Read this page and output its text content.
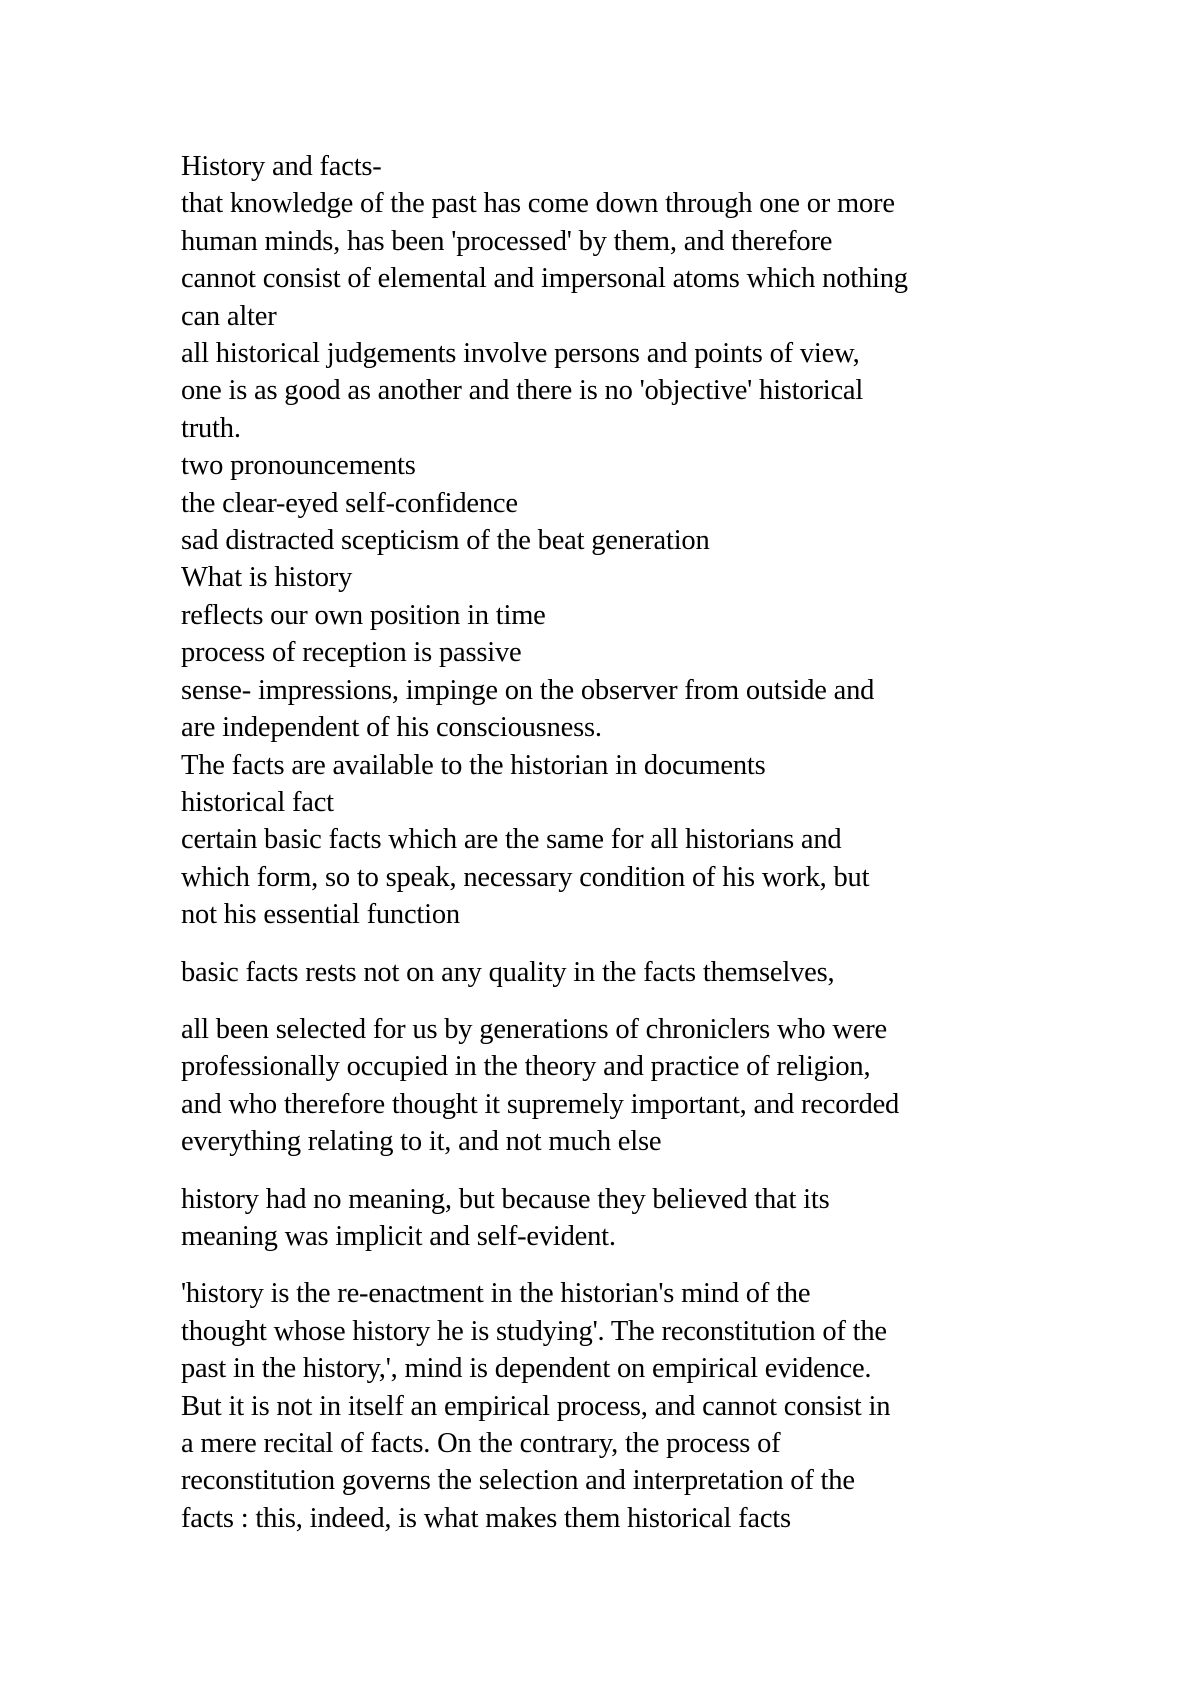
History and facts-
that knowledge of the past has come down through one or more
human minds, has been 'processed' by them, and therefore
cannot consist of elemental and impersonal atoms which nothing
can alter
all historical judgements involve persons and points of view,
one is as good as another and there is no 'objective' historical
truth.
two pronouncements
the clear-eyed self-confidence
sad distracted scepticism of the beat generation
What is history
reflects our own position in time
process of reception is passive
sense- impressions, impinge on the observer from outside and
are independent of his consciousness.
The facts are available to the historian in documents
historical fact
certain basic facts which are the same for all historians and
which form, so to speak, necessary condition of his work, but
not his essential function
basic facts rests not on any quality in the facts themselves,
all been selected for us by generations of chroniclers who were
professionally occupied in the theory and practice of religion,
and who therefore thought it supremely important, and recorded
everything relating to it, and not much else
history had no meaning, but because they believed that its
meaning was implicit and self-evident.
'history is the re-enactment in the historian's mind of the
thought whose history he is studying'. The reconstitution of the
past in the history,', mind is dependent on empirical evidence.
But it is not in itself an empirical process, and cannot consist in
a mere recital of facts. On the contrary, the process of
reconstitution governs the selection and interpretation of the
facts : this, indeed, is what makes them historical facts
